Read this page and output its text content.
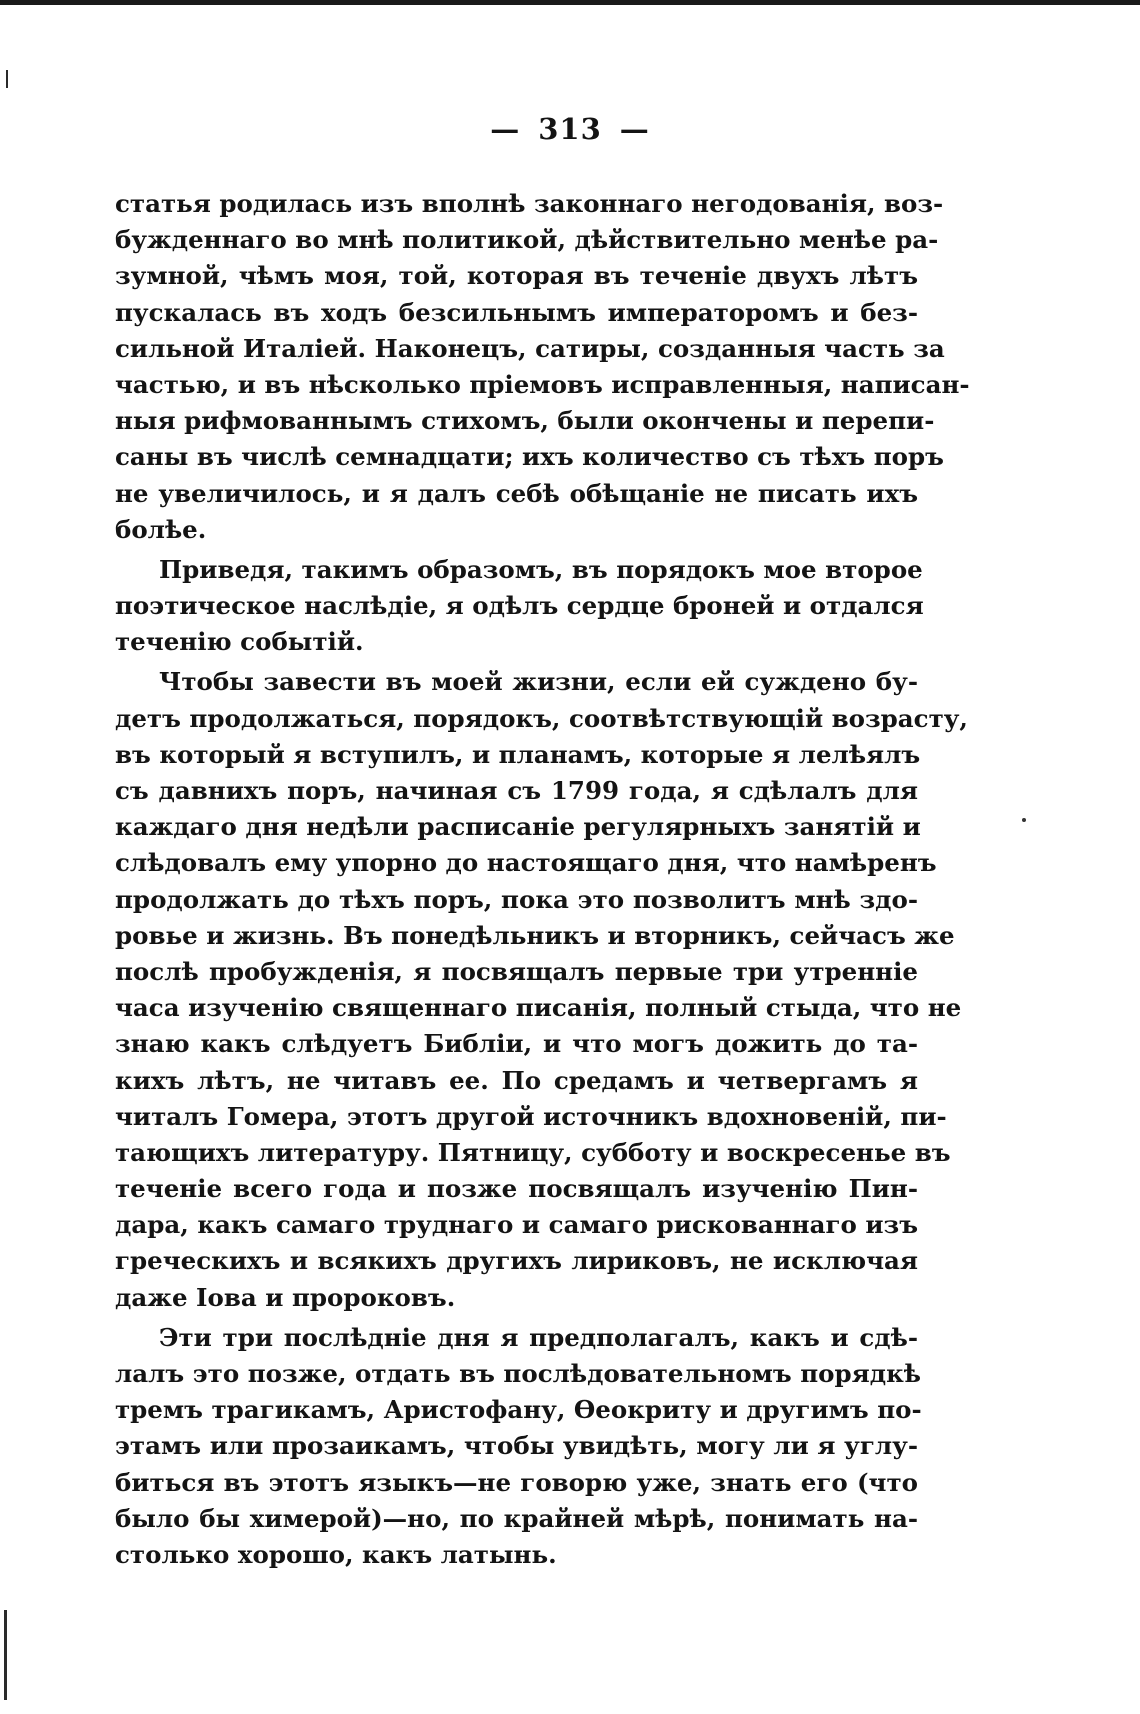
— 313 —
статья родилась изъ вполнѣ законнаго негодованія, воз-
бужденнаго во мнѣ политикой, дѣйствительно менѣе ра-
зумной, чѣмъ моя, той, которая въ теченіе двухъ лѣтъ
пускалась въ ходъ безсильнымъ императоромъ и без-
сильной Италіей. Наконецъ, сатиры, созданныя часть за
частью, и въ нѣсколько пріемовъ исправленныя, написан-
ныя рифмованнымъ стихомъ, были окончены и перепи-
саны въ числѣ семнадцати; ихъ количество съ тѣхъ поръ
не увеличилось, и я далъ себѣ обѣщаніе не писать ихъ
болѣе.
Приведя, такимъ образомъ, въ порядокъ мое второе
поэтическое наслѣдіе, я одѣлъ сердце броней и отдался
теченію событій.
Чтобы завести въ моей жизни, если ей суждено бу-
детъ продолжаться, порядокъ, соотвѣтствующій возрасту,
въ который я вступилъ, и планамъ, которые я лелѣялъ
съ давнихъ поръ, начиная съ 1799 года, я сдѣлалъ для
каждаго дня недѣли расписаніе регулярныхъ занятій и
слѣдовалъ ему упорно до настоящаго дня, что намѣренъ
продолжать до тѣхъ поръ, пока это позволитъ мнѣ здо-
ровье и жизнь. Въ понедѣльникъ и вторникъ, сейчасъ же
послѣ пробужденія, я посвящалъ первые три утренніе
часа изученію священнаго писанія, полный стыда, что не
знаю какъ слѣдуетъ Библіи, и что могъ дожить до та-
кихъ лѣтъ, не читавъ ее. По средамъ и четвергамъ я
читалъ Гомера, этотъ другой источникъ вдохновеній, пи-
тающихъ литературу. Пятницу, субботу и воскресенье въ
теченіе всего года и позже посвящалъ изученію Пин-
дара, какъ самаго труднаго и самаго рискованнаго изъ
греческихъ и всякихъ другихъ лириковъ, не исключая
даже Іова и пророковъ.
Эти три послѣдніе дня я предполагалъ, какъ и сдѣ-
лалъ это позже, отдать въ послѣдовательномъ порядкѣ
тремъ трагикамъ, Аристофану, Ѳеокриту и другимъ по-
этамъ или прозаикамъ, чтобы увидѣть, могу ли я углу-
биться въ этотъ языкъ—не говорю уже, знать его (что
было бы химерой)—но, по крайней мѣрѣ, понимать на-
столько хорошо, какъ латынь.
